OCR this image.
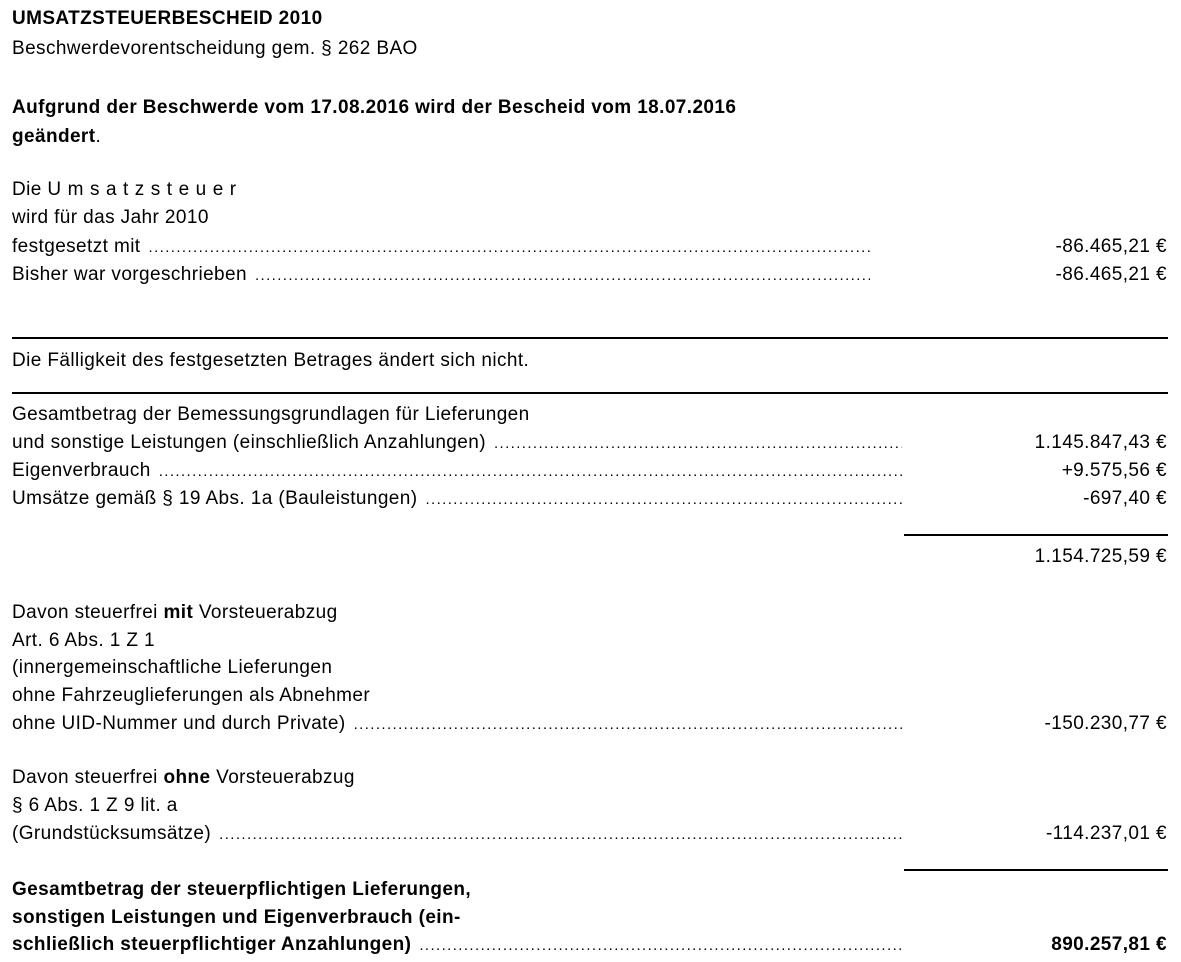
UMSATZSTEUERBESCHEID 2010
Beschwerdevorentscheidung gem. § 262 BAO
Aufgrund der Beschwerde vom 17.08.2016 wird der Bescheid vom 18.07.2016
geändert.
Die Umsatzsteuer
wird für das Jahr 2010
festgesetzt mit .....	-86.465,21 €
Bisher war vorgeschrieben .....	-86.465,21 €
Die Fälligkeit des festgesetzten Betrages ändert sich nicht.
Gesamtbetrag der Bemessungsgrundlagen für Lieferungen
und sonstige Leistungen (einschließlich Anzahlungen) .....	1.145.847,43 €
Eigenverbrauch .....	+9.575,56 €
Umsätze gemäß § 19 Abs. 1a (Bauleistungen) .....	-697,40 €
1.154.725,59 €
Davon steuerfrei mit Vorsteuerabzug
Art. 6 Abs. 1 Z 1
(innergemeinschaftliche Lieferungen
ohne Fahrzeuglieferungen als Abnehmer
ohne UID-Nummer und durch Private) .....	-150.230,77 €
Davon steuerfrei ohne Vorsteuerabzug
§ 6 Abs. 1 Z 9 lit. a
(Grundstücksumsätze) .....	-114.237,01 €
Gesamtbetrag der steuerpflichtigen Lieferungen,
sonstigen Leistungen und Eigenverbrauch (ein-
schließlich steuerpflichtiger Anzahlungen) .....	890.257,81 €
